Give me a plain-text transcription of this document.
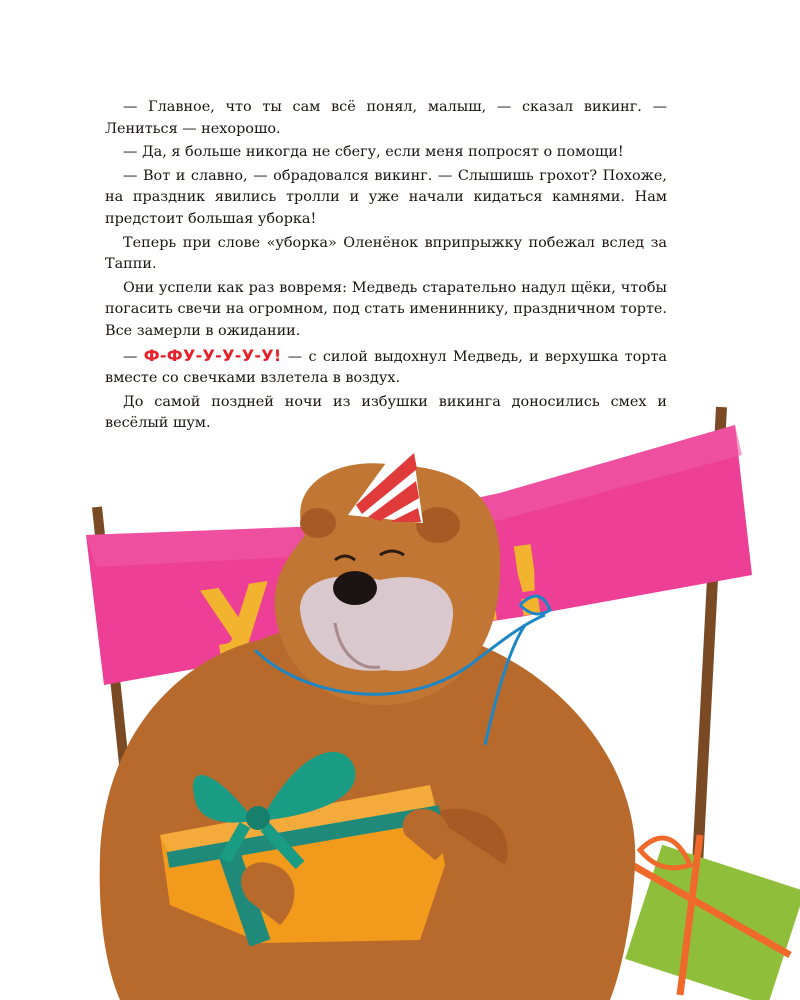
— Главное, что ты сам всё понял, малыш, — сказал викинг. — Лениться — нехорошо.

— Да, я больше никогда не сбегу, если меня попросят о помощи!

— Вот и славно, — обрадовался викинг. — Слышишь грохот? Похоже, на праздник явились тролли и уже начали кидаться камнями. Нам предстоит большая уборка!

Теперь при слове «уборка» Оленёнок вприпрыжку побежал вслед за Таппи.

Они успели как раз вовремя: Медведь старательно надул щёки, чтобы погасить свечи на огромном, под стать имениннику, праздничном торте. Все замерли в ожидании.

— Ф-ФУ-У-У-У-У! — с силой выдохнул Медведь, и верхушка торта вместе со свечками взлетела в воздух.

До самой поздней ночи из избушки викинга доносились смех и весёлый шум.
